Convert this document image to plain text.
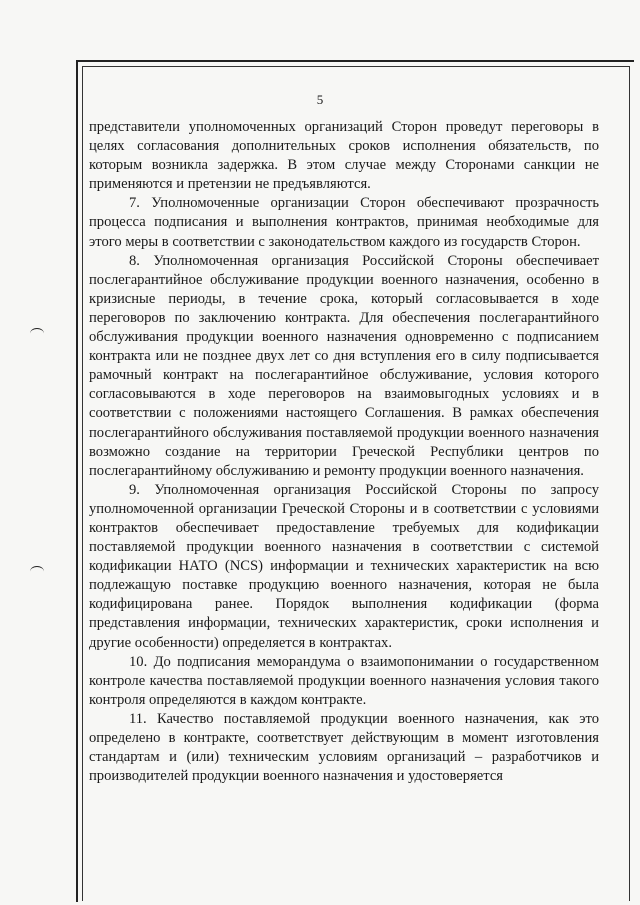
5

представители уполномоченных организаций Сторон проведут переговоры в целях согласования дополнительных сроков исполнения обязательств, по которым возникла задержка. В этом случае между Сторонами санкции не применяются и претензии не предъявляются.

7. Уполномоченные организации Сторон обеспечивают прозрачность процесса подписания и выполнения контрактов, принимая необходимые для этого меры в соответствии с законодательством каждого из государств Сторон.

8. Уполномоченная организация Российской Стороны обеспечивает послегарантийное обслуживание продукции военного назначения, особенно в кризисные периоды, в течение срока, который согласовывается в ходе переговоров по заключению контракта. Для обеспечения послегарантийного обслуживания продукции военного назначения одновременно с подписанием контракта или не позднее двух лет со дня вступления его в силу подписывается рамочный контракт на послегарантийное обслуживание, условия которого согласовываются в ходе переговоров на взаимовыгодных условиях и в соответствии с положениями настоящего Соглашения. В рамках обеспечения послегарантийного обслуживания поставляемой продукции военного назначения возможно создание на территории Греческой Республики центров по послегарантийному обслуживанию и ремонту продукции военного назначения.

9. Уполномоченная организация Российской Стороны по запросу уполномоченной организации Греческой Стороны и в соответствии с условиями контрактов обеспечивает предоставление требуемых для кодификации поставляемой продукции военного назначения в соответствии с системой кодификации НАТО (NCS) информации и технических характеристик на всю подлежащую поставке продукцию военного назначения, которая не была кодифицирована ранее. Порядок выполнения кодификации (форма представления информации, технических характеристик, сроки исполнения и другие особенности) определяется в контрактах.

10. До подписания меморандума о взаимопонимании о государственном контроле качества поставляемой продукции военного назначения условия такого контроля определяются в каждом контракте.

11. Качество поставляемой продукции военного назначения, как это определено в контракте, соответствует действующим в момент изготовления стандартам и (или) техническим условиям организаций – разработчиков и производителей продукции военного назначения и удостоверяется
